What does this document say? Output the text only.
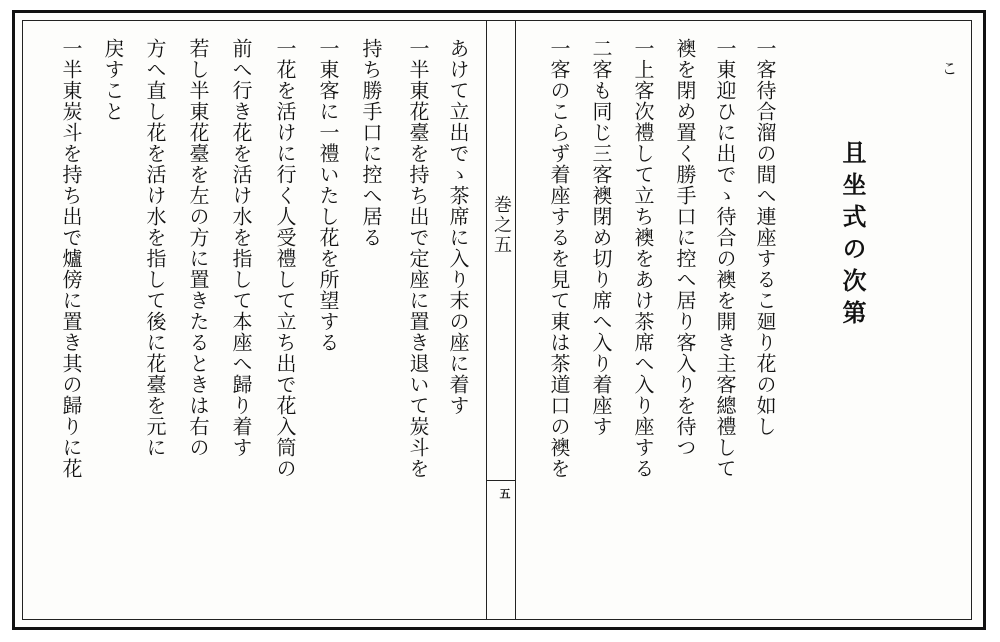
巻之五
五
こ
且坐式の次第
一客待合溜の間へ連座するこ廻り花の如し
一東迎ひに出でゝ待合の襖を開き主客總禮して
襖を閉め置く勝手口に控へ居り客入りを待つ
一上客次禮して立ち襖をあけ茶席へ入り座する
二客も同じ三客襖閉め切り席へ入り着座す
一客のこらず着座するを見て東は茶道口の襖を
あけて立出でゝ茶席に入り末の座に着す
一半東花臺を持ち出で定座に置き退いて炭斗を
持ち勝手口に控へ居る
一東客に一禮いたし花を所望する
一花を活けに行く人受禮して立ち出で花入筒の
前へ行き花を活け水を指して本座へ歸り着す
若し半東花臺を左の方に置きたるときは右の
方へ直し花を活け水を指して後に花臺を元に
戻すこと
一半東炭斗を持ち出で爐傍に置き其の歸りに花
